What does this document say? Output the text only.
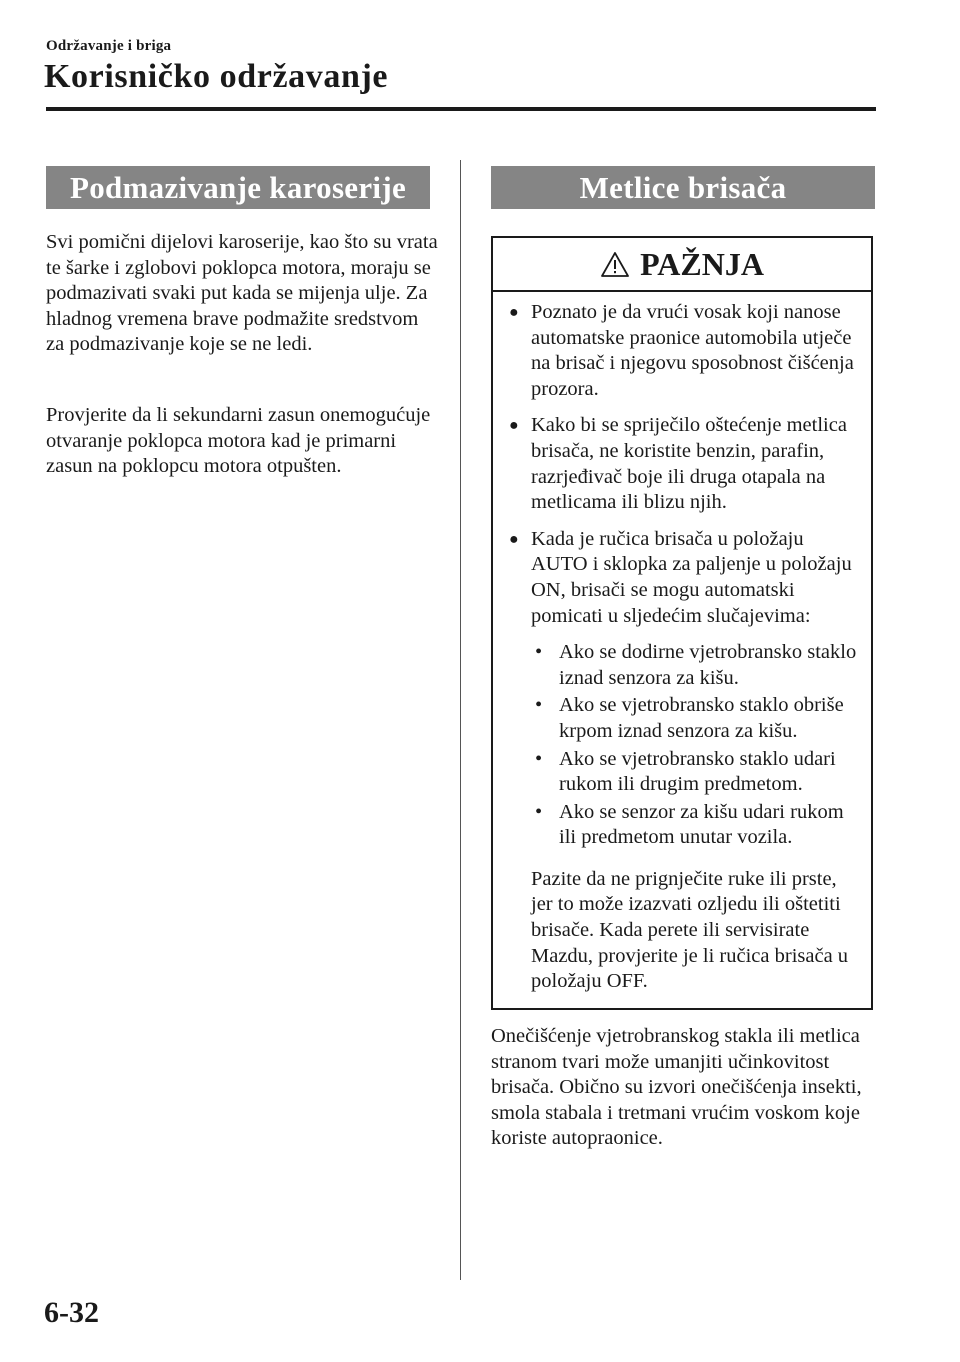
Održavanje i briga
Korisničko održavanje
Podmazivanje karoserije

Svi pomični dijelovi karoserije, kao što su vrata te šarke i zglobovi poklopca motora, moraju se podmazivati svaki put kada se mijenja ulje. Za hladnog vremena brave podmažite sredstvom za podmazivanje koje se ne ledi.

Provjerite da li sekundarni zasun onemogućuje otvaranje poklopca motora kad je primarni zasun na poklopcu motora otpušten.

Metlice brisača
PAŽNJA
● Poznato je da vrući vosak koji nanose automatske praonice automobila utječe na brisač i njegovu sposobnost čišćenja prozora.
● Kako bi se spriječilo oštećenje metlica brisača, ne koristite benzin, parafin, razrjeđivač boje ili druga otapala na metlicama ili blizu njih.
● Kada je ručica brisača u položaju AUTO i sklopka za paljenje u položaju ON, brisači se mogu automatski pomicati u sljedećim slučajevima:
• Ako se dodirne vjetrobransko staklo iznad senzora za kišu.
• Ako se vjetrobransko staklo obriše krpom iznad senzora za kišu.
• Ako se vjetrobransko staklo udari rukom ili drugim predmetom.
• Ako se senzor za kišu udari rukom ili predmetom unutar vozila.
Pazite da ne prignječite ruke ili prste, jer to može izazvati ozljedu ili oštetiti brisače. Kada perete ili servisirate Mazdu, provjerite je li ručica brisača u položaju OFF.

Onečišćenje vjetrobranskog stakla ili metlica stranom tvari može umanjiti učinkovitost brisača. Obično su izvori onečišćenja insekti, smola stabala i tretmani vrućim voskom koje koriste autopraonice.

6-32
